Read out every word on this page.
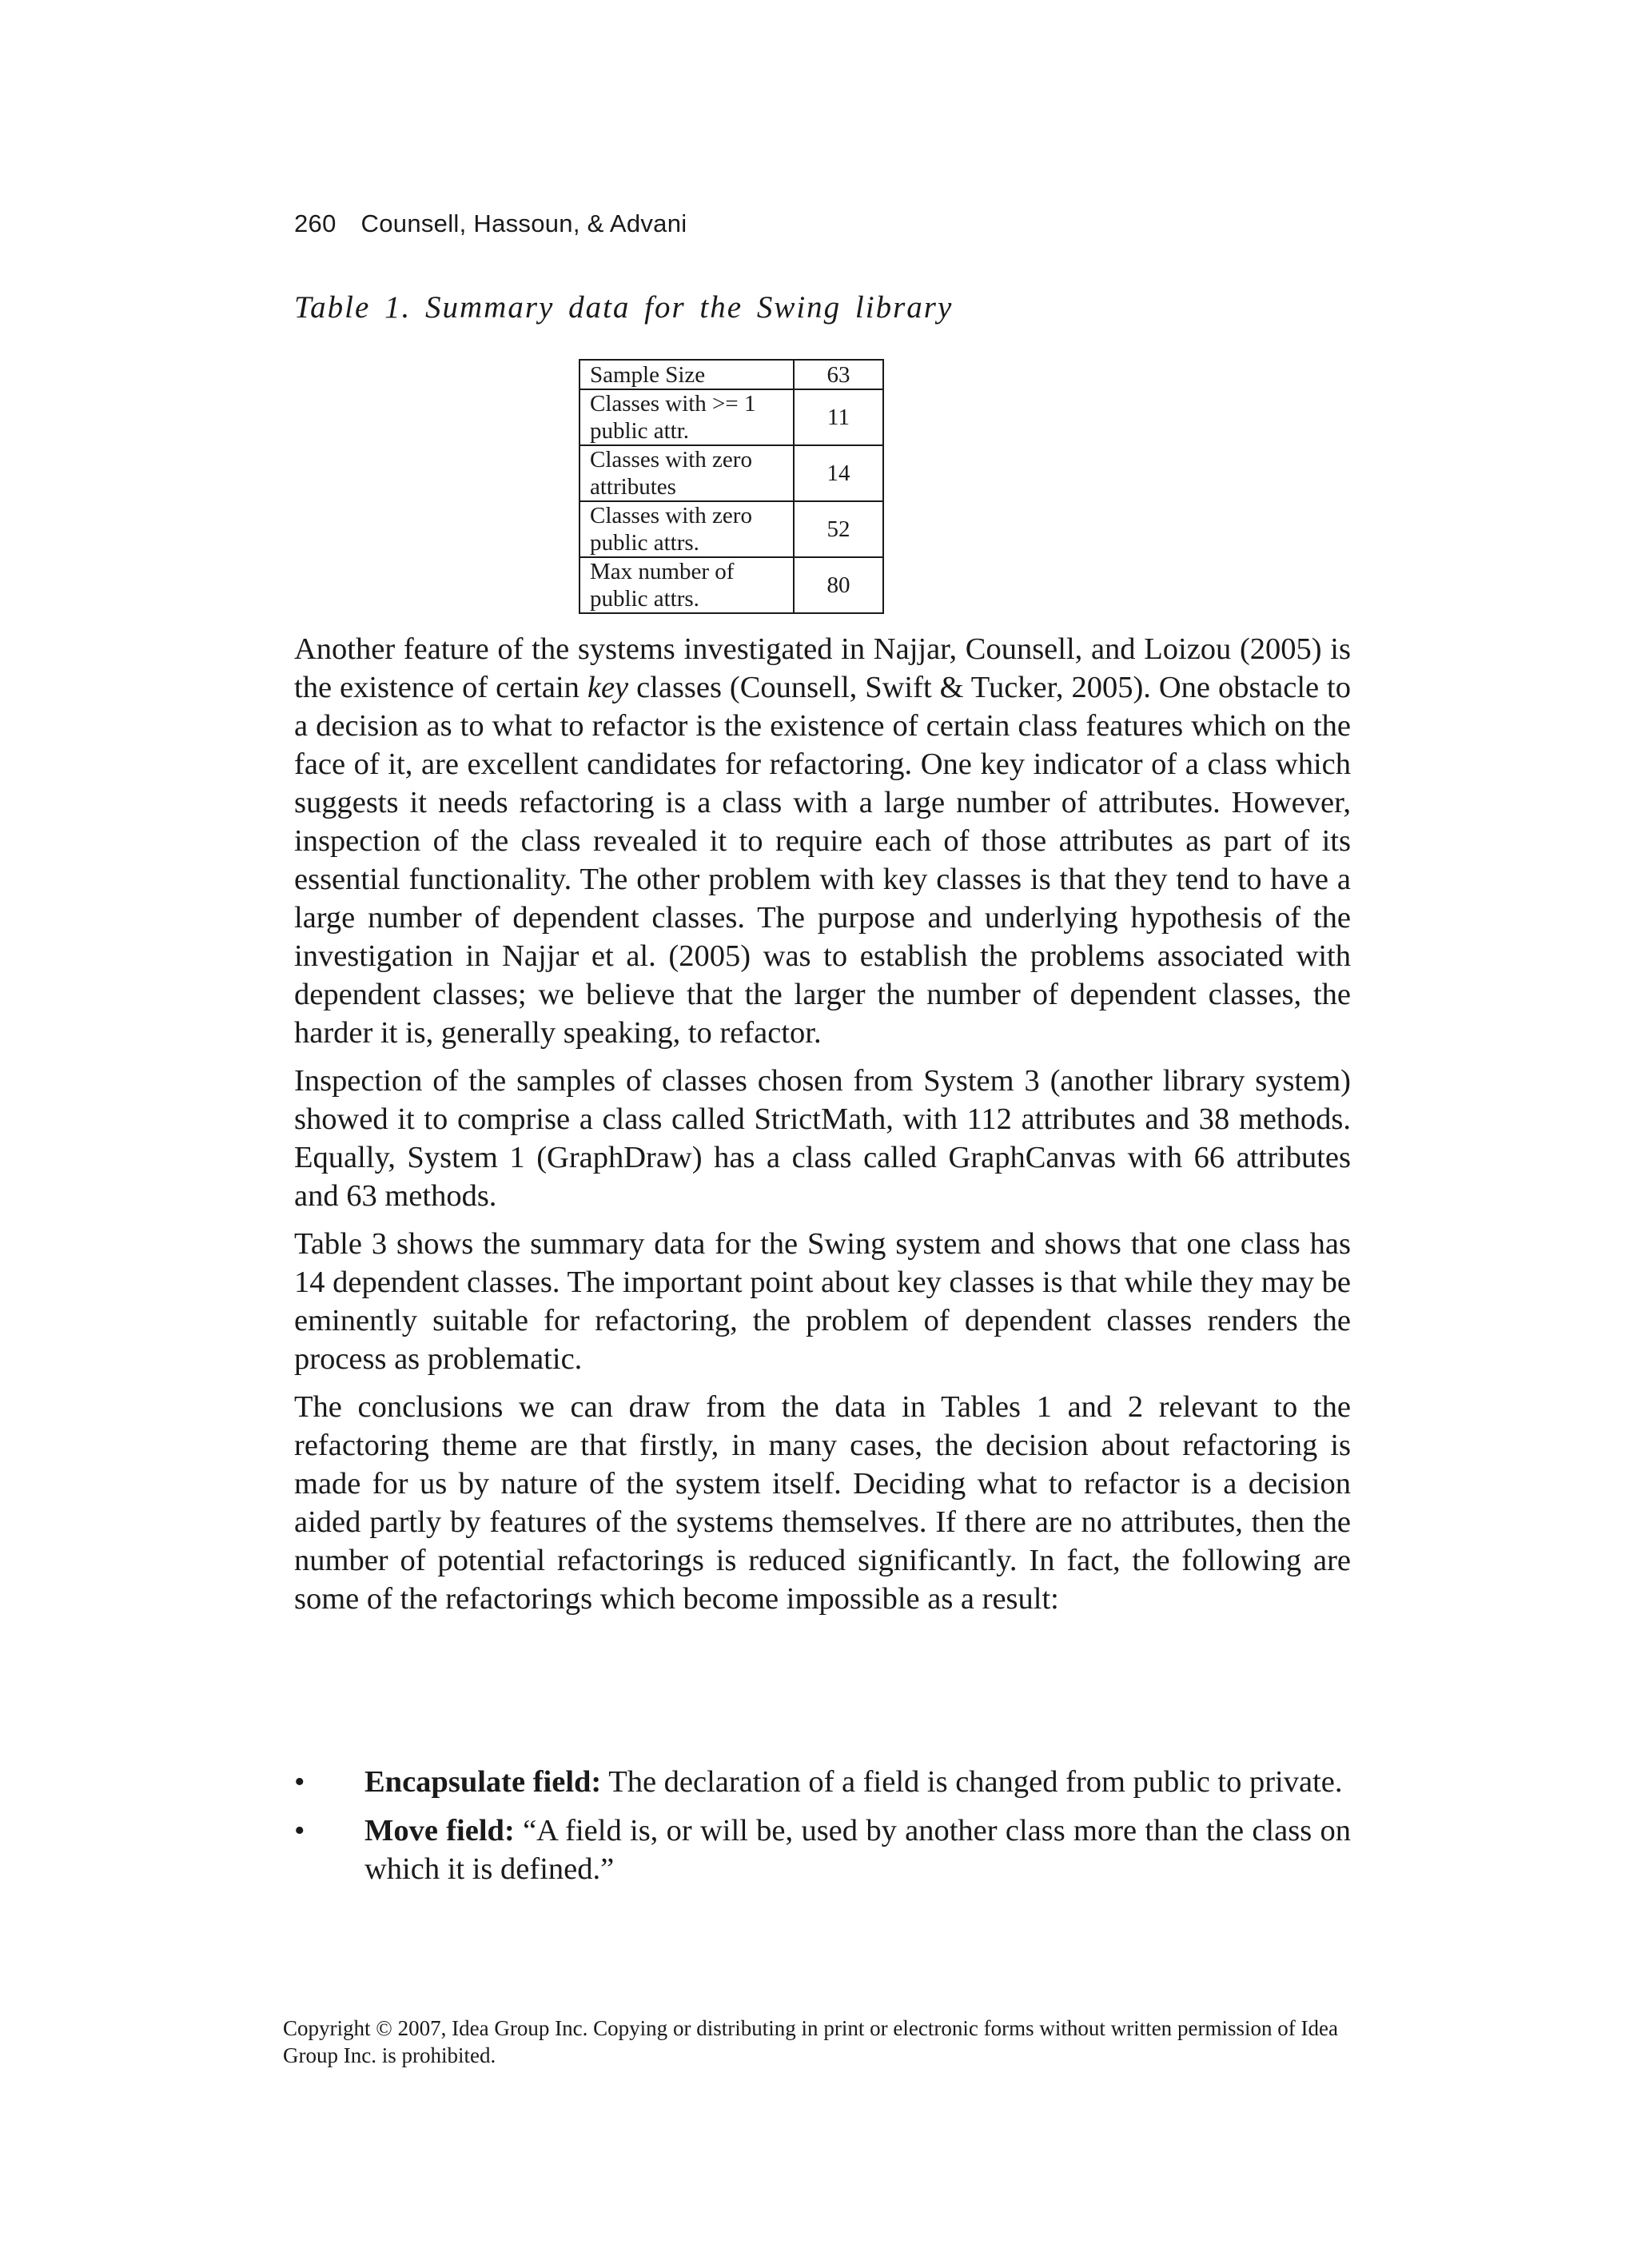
260 Counsell, Hassoun, & Advani
Table 1. Summary data for the Swing library
Sample Size	63
Classes with >= 1 public attr.	11
Classes with zero attributes	14
Classes with zero public attrs.	52
Max number of public attrs.	80

Another feature of the systems investigated in Najjar, Counsell, and Loizou (2005) is the existence of certain key classes (Counsell, Swift & Tucker, 2005). One obstacle to a decision as to what to refactor is the existence of certain class features which on the face of it, are excellent candidates for refactoring. One key indicator of a class which suggests it needs refactoring is a class with a large number of attributes. However, inspection of the class revealed it to require each of those attributes as part of its essential functionality. The other problem with key classes is that they tend to have a large number of dependent classes. The purpose and underlying hypothesis of the investigation in Najjar et al. (2005) was to establish the problems associated with dependent classes; we believe that the larger the number of dependent classes, the harder it is, generally speaking, to refactor.

Inspection of the samples of classes chosen from System 3 (another library system) showed it to comprise a class called StrictMath, with 112 attributes and 38 methods. Equally, System 1 (GraphDraw) has a class called GraphCanvas with 66 attributes and 63 methods.

Table 3 shows the summary data for the Swing system and shows that one class has 14 dependent classes. The important point about key classes is that while they may be eminently suitable for refactoring, the problem of dependent classes renders the process as problematic.

The conclusions we can draw from the data in Tables 1 and 2 relevant to the refactoring theme are that firstly, in many cases, the decision about refactoring is made for us by nature of the system itself. Deciding what to refactor is a decision aided partly by features of the systems themselves. If there are no attributes, then the number of potential refactorings is reduced significantly. In fact, the following are some of the refactorings which become impossible as a result:

• Encapsulate field: The declaration of a field is changed from public to private.
• Move field: “A field is, or will be, used by another class more than the class on which it is defined.”
Copyright © 2007, Idea Group Inc. Copying or distributing in print or electronic forms without written permission of Idea Group Inc. is prohibited.
